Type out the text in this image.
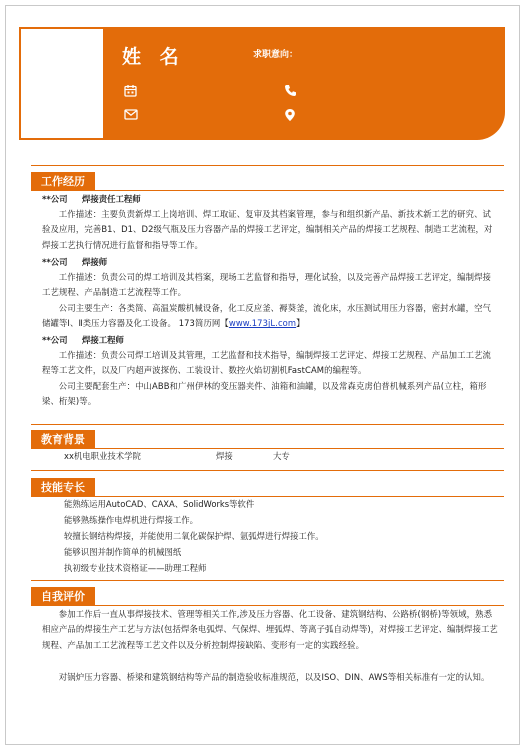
姓 名	求职意向：
工作经历
**公司 焊接责任工程师
工作描述：主要负责新焊工上岗培训、焊工取证、复审及其档案管理，参与和组织新产品、新技术新工艺的研究、试验及应用，完善B1、D1、D2级气瓶及压力容器产品的焊接工艺评定，编制相关产品的焊接工艺规程、制造工艺流程，对焊接工艺执行情况进行监督和指导等工作。
**公司 焊接师
工作描述：负责公司的焊工培训及其档案，现场工艺监督和指导，理化试验，以及完善产品焊接工艺评定，编制焊接工艺规程、产品制造工艺流程等工作。
公司主要生产：各类简、高温炭酸机械设备，化工反应釜、褥葵釜，流化床，水压测试用压力容器，密封水罐，空气储罐等Ⅰ、Ⅱ类压力容器及化工设备。 173简历网【www.173jL.com】
**公司 焊接工程师
工作描述：负责公司焊工培训及其管理，工艺监督和技术指导，编制焊接工艺评定、焊接工艺规程、产品加工工艺流程等工艺文件，以及厂内超声波探伤、工装设计、数控火焰切割机FastCAM的编程等。
公司主要配套生产：中山ABB和广州伊林的变压器夹件、油箱和油罐，以及常森克虏伯普机械系列产品(立柱，箱形梁、桁架)等。
教育背景
xx机电职业技术学院	焊接	大专
技能专长
能熟练运用AutoCAD、CAXA、SolidWorks等软件
能够熟练操作电焊机进行焊接工作。
较擅长钢结构焊接，并能使用二氧化碳保护焊、氩弧焊进行焊接工作。
能够识图并制作简单的机械图纸
执初级专业技术资格证——助理工程师
自我评价
参加工作后一直从事焊接技术、管理等相关工作,涉及压力容器、化工设备、建筑钢结构、公路桥(钢桥)等领域，熟悉相应产品的焊接生产工艺与方法(包括焊条电弧焊、气保焊、埋弧焊、等离子弧自动焊等)，对焊接工艺评定、编制焊接工艺规程、产品加工工艺流程等工艺文件以及分析控制焊接缺陷、变形有一定的实践经验。
对锅炉压力容器、桥梁和建筑钢结构等产品的制造验收标准规范，以及ISO、DIN、AWS等相关标准有一定的认知。
